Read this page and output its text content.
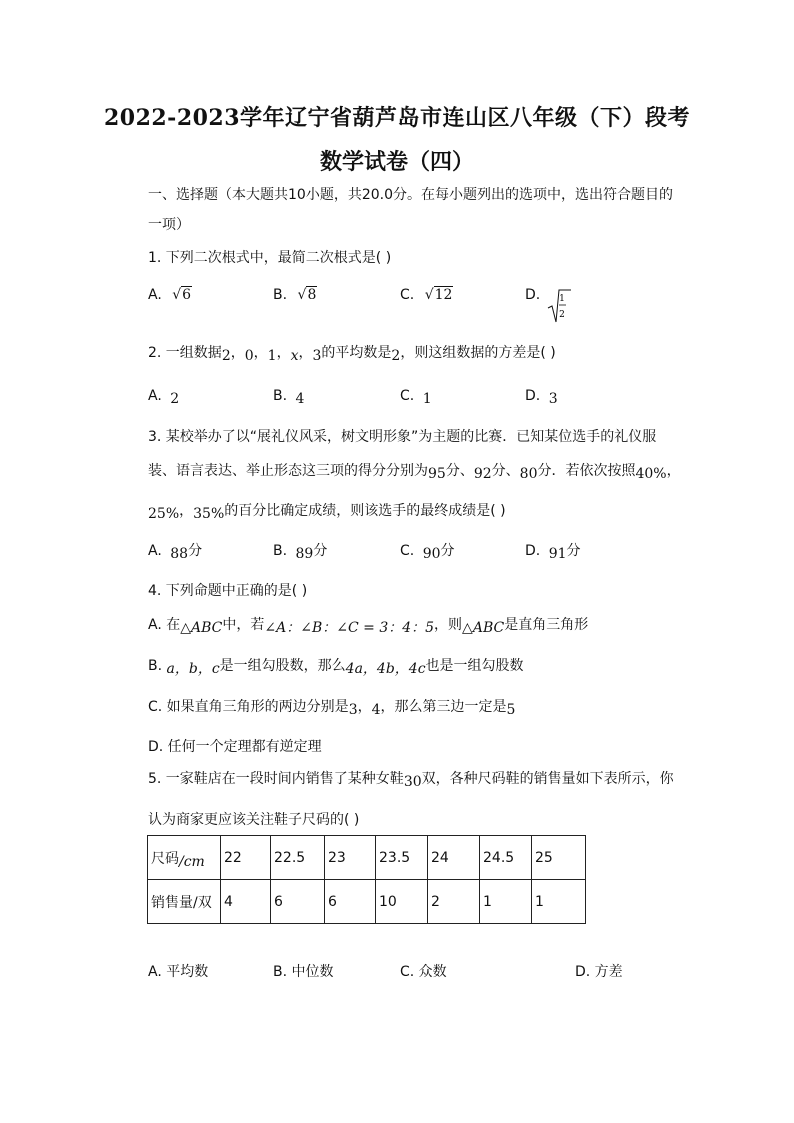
2022-2023学年辽宁省葫芦岛市连山区八年级（下）段考
数学试卷（四）
一、选择题（本大题共10小题，共20.0分。在每小题列出的选项中，选出符合题目的
一项）
1. 下列二次根式中，最简二次根式是( )
A. √6	B. √8	C. √12	D. 1
2
2. 一组数据2，0，1，x，3的平均数是2，则这组数据的方差是( )
A. 2	B. 4	C. 1	D. 3
3. 某校举办了以“展礼仪风采，树文明形象”为主题的比赛．已知某位选手的礼仪服
装、语言表达、举止形态这三项的得分分别为95分、92分、80分．若依次按照40%，
25%，35%的百分比确定成绩，则该选手的最终成绩是( )
A. 88分	B. 89分	C. 90分	D. 91分
4. 下列命题中正确的是( )
A. 在△ABC中，若∠A：∠B：∠C = 3：4：5，则△ABC是直角三角形
B. a，b，c是一组勾股数，那么4a，4b，4c也是一组勾股数
C. 如果直角三角形的两边分别是3，4，那么第三边一定是5
D. 任何一个定理都有逆定理
5. 一家鞋店在一段时间内销售了某种女鞋30双，各种尺码鞋的销售量如下表所示，你
认为商家更应该关注鞋子尺码的( )
尺码/cm	22	22.5	23	23.5	24	24.5	25
销售量/双	4	6	6	10	2	1	1
A. 平均数	B. 中位数	C. 众数	D. 方差
